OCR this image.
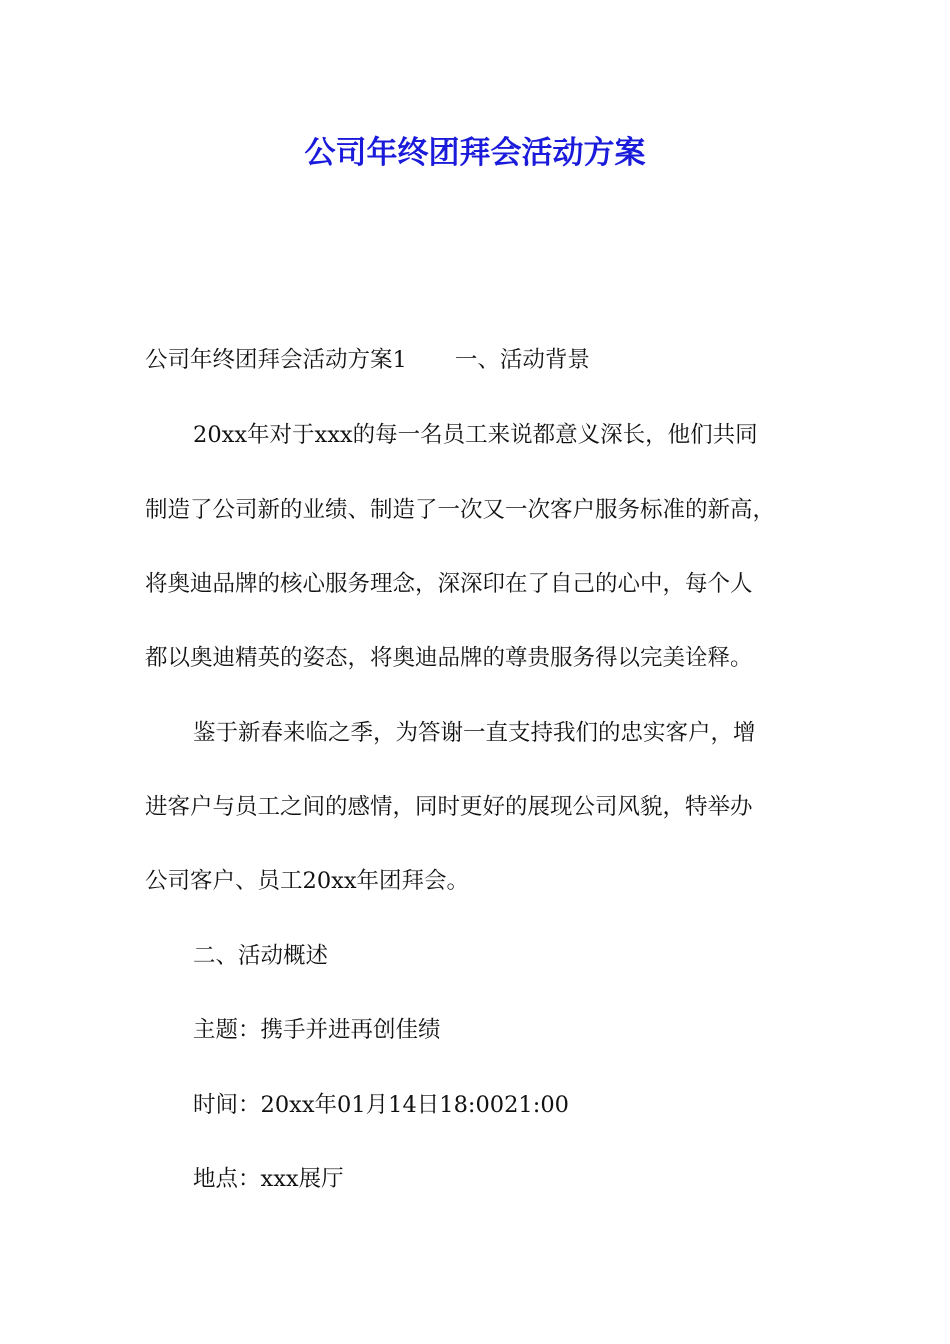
公司年终团拜会活动方案

公司年终团拜会活动方案1 一、活动背景

20xx年对于xxx的每一名员工来说都意义深长，他们共同

制造了公司新的业绩、制造了一次又一次客户服务标准的新高，

将奥迪品牌的核心服务理念，深深印在了自己的心中，每个人

都以奥迪精英的姿态，将奥迪品牌的尊贵服务得以完美诠释。

鉴于新春来临之季，为答谢一直支持我们的忠实客户，增

进客户与员工之间的感情，同时更好的展现公司风貌，特举办

公司客户、员工20xx年团拜会。

二、活动概述

主题：携手并进再创佳绩

时间：20xx年01月14日18:0021:00

地点：xxx展厅
